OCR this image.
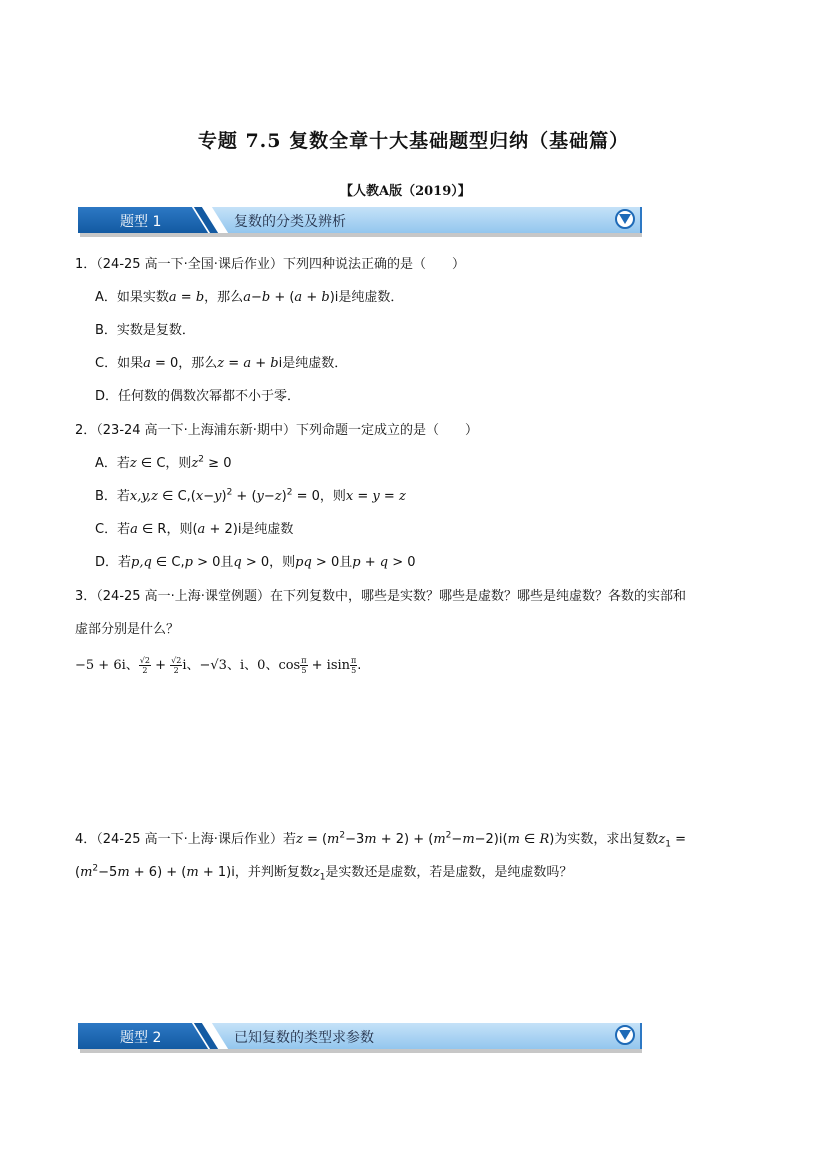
专题 7.5 复数全章十大基础题型归纳（基础篇）
【人教A版（2019）】
题型 1	复数的分类及辨析
1．（24-25 高一下·全国·课后作业）下列四种说法正确的是（　　）
A．如果实数a = b，那么a−b + (a + b)i是纯虚数．
B．实数是复数．
C．如果a = 0，那么z = a + bi是纯虚数．
D．任何数的偶数次幂都不小于零．
2．（23-24 高一下·上海浦东新·期中）下列命题一定成立的是（　　）
A．若z ∈ C，则$z^2 \ge 0$
B．若x,y,z ∈ $C,(x-y)^2 + (y-z)^2 = 0$，则x = y = z
C．若a ∈ R，则(a + 2)i是纯虚数
D．若p,q ∈ C,p > 0且q > 0，则pq > 0且p + q > 0
3．（24-25 高一·上海·课堂例题）在下列复数中，哪些是实数？哪些是虚数？哪些是纯虚数？各数的实部和
虚部分别是什么？
−5 + 6i、 $\frac{√2}{2} + \frac{√2}{2}$ i、−√3、i、0、$\cos \frac{\pi}{5} + isin \frac{\pi}{5}$ .
4．（24-25 高一下·上海·课后作业）若$z = (m^2-3m + 2) + (m^2-m-2)i(m$ ∈ R)为实数，求出复数$z_1$ =
$(m^2-5m + 6) + (m + 1)i$，并判断复数$z_1$是实数还是虚数，若是虚数，是纯虚数吗？
题型 2	已知复数的类型求参数
